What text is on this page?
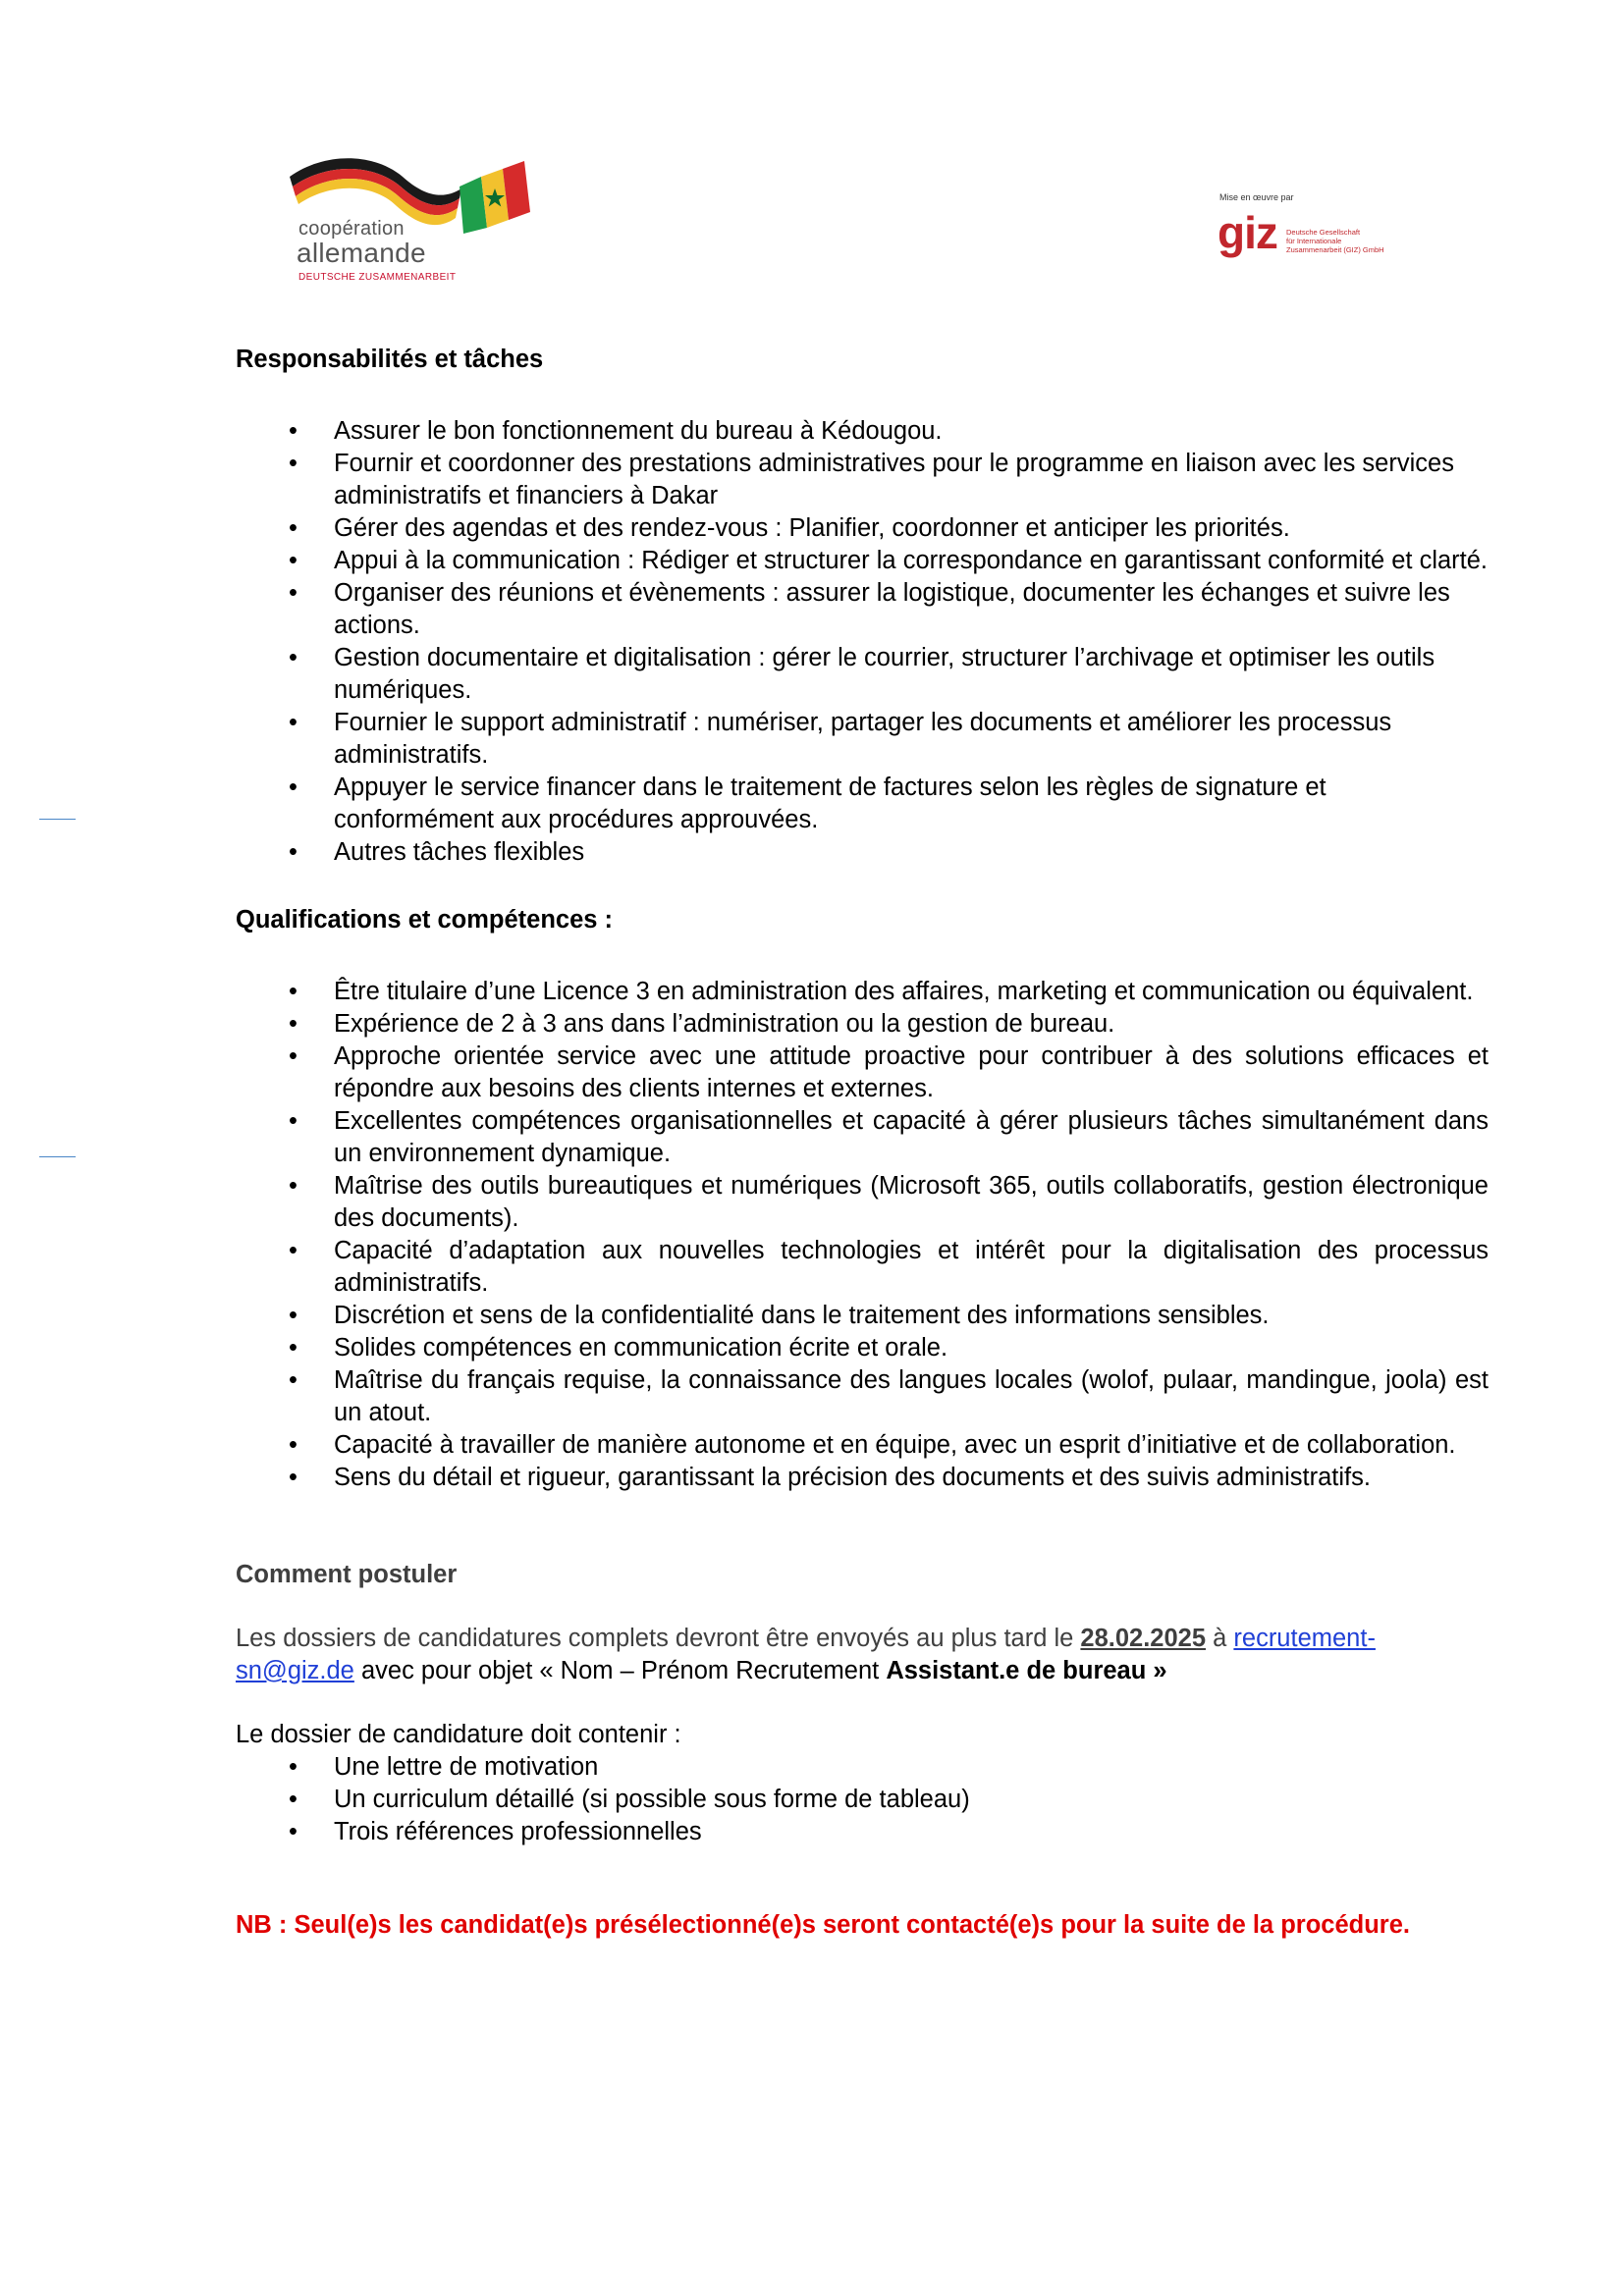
coopération
allemande
DEUTSCHE ZUSAMMENARBEIT
Mise en œuvre par
giz Deutsche Gesellschaft
für Internationale
Zusammenarbeit (GIZ) GmbH

Responsabilités et tâches

• Assurer le bon fonctionnement du bureau à Kédougou.
• Fournir et coordonner des prestations administratives pour le programme en liaison avec les services administratifs et financiers à Dakar
• Gérer des agendas et des rendez-vous : Planifier, coordonner et anticiper les priorités.
• Appui à la communication : Rédiger et structurer la correspondance en garantissant conformité et clarté.
• Organiser des réunions et évènements : assurer la logistique, documenter les échanges et suivre les actions.
• Gestion documentaire et digitalisation : gérer le courrier, structurer l’archivage et optimiser les outils numériques.
• Fournier le support administratif : numériser, partager les documents et améliorer les processus administratifs.
• Appuyer le service financer dans le traitement de factures selon les règles de signature et conformément aux procédures approuvées.
• Autres tâches flexibles

Qualifications et compétences :

• Être titulaire d’une Licence 3 en administration des affaires, marketing et communication ou équivalent.
• Expérience de 2 à 3 ans dans l’administration ou la gestion de bureau.
• Approche orientée service avec une attitude proactive pour contribuer à des solutions efficaces et répondre aux besoins des clients internes et externes.
• Excellentes compétences organisationnelles et capacité à gérer plusieurs tâches simultanément dans un environnement dynamique.
• Maîtrise des outils bureautiques et numériques (Microsoft 365, outils collaboratifs, gestion électronique des documents).
• Capacité d’adaptation aux nouvelles technologies et intérêt pour la digitalisation des processus administratifs.
• Discrétion et sens de la confidentialité dans le traitement des informations sensibles.
• Solides compétences en communication écrite et orale.
• Maîtrise du français requise, la connaissance des langues locales (wolof, pulaar, mandingue, joola) est un atout.
• Capacité à travailler de manière autonome et en équipe, avec un esprit d’initiative et de collaboration.
• Sens du détail et rigueur, garantissant la précision des documents et des suivis administratifs.

Comment postuler

Les dossiers de candidatures complets devront être envoyés au plus tard le 28.02.2025 à recrutement-sn@giz.de avec pour objet « Nom – Prénom Recrutement Assistant.e de bureau »

Le dossier de candidature doit contenir :

• Une lettre de motivation
• Un curriculum détaillé (si possible sous forme de tableau)
• Trois références professionnelles

NB : Seul(e)s les candidat(e)s présélectionné(e)s seront contacté(e)s pour la suite de la procédure.
